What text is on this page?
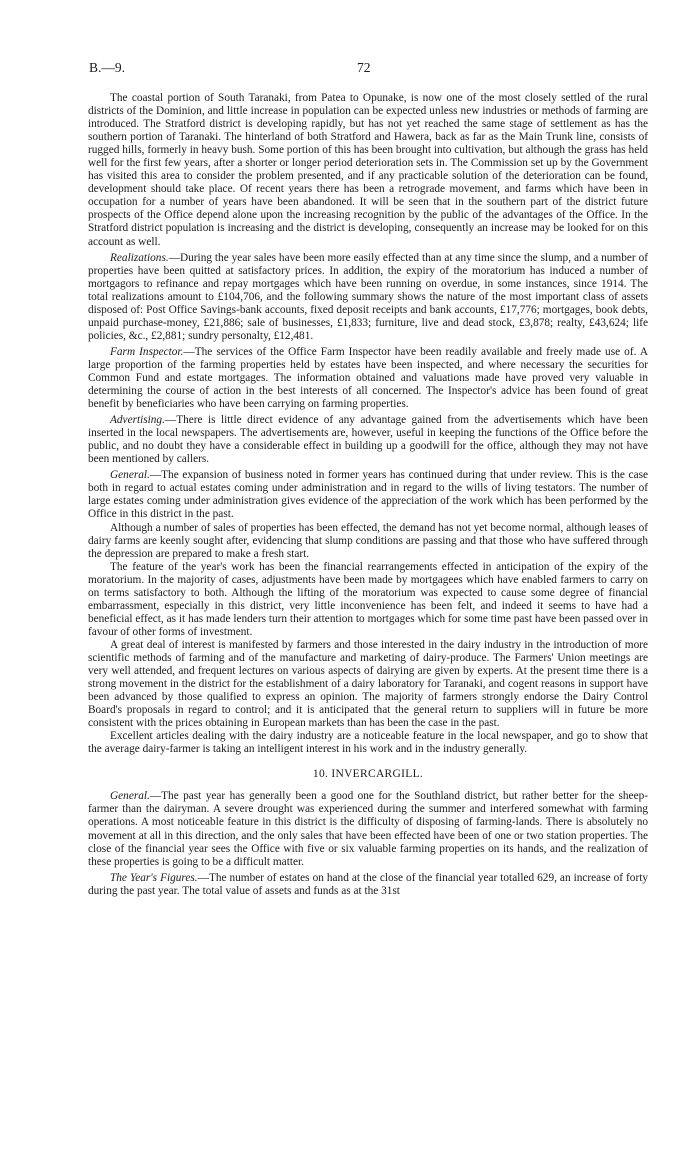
B.—9.	72

The coastal portion of South Taranaki, from Patea to Opunake, is now one of the most closely settled of the rural districts of the Dominion, and little increase in population can be expected unless new industries or methods of farming are introduced. The Stratford district is developing rapidly, but has not yet reached the same stage of settlement as has the southern portion of Taranaki. The hinterland of both Stratford and Hawera, back as far as the Main Trunk line, consists of rugged hills, formerly in heavy bush. Some portion of this has been brought into cultivation, but although the grass has held well for the first few years, after a shorter or longer period deterioration sets in. The Commission set up by the Government has visited this area to consider the problem presented, and if any practicable solution of the deterioration can be found, development should take place. Of recent years there has been a retrograde movement, and farms which have been in occupation for a number of years have been abandoned. It will be seen that in the southern part of the district future prospects of the Office depend alone upon the increasing recognition by the public of the advantages of the Office. In the Stratford district population is increasing and the district is developing, consequently an increase may be looked for on this account as well.

Realizations.—During the year sales have been more easily effected than at any time since the slump, and a number of properties have been quitted at satisfactory prices. In addition, the expiry of the moratorium has induced a number of mortgagors to refinance and repay mortgages which have been running on overdue, in some instances, since 1914. The total realizations amount to £104,706, and the following summary shows the nature of the most important class of assets disposed of: Post Office Savings-bank accounts, fixed deposit receipts and bank accounts, £17,776; mortgages, book debts, unpaid purchase-money, £21,886; sale of businesses, £1,833; furniture, live and dead stock, £3,878; realty, £43,624; life policies, &c., £2,881; sundry personalty, £12,481.

Farm Inspector.—The services of the Office Farm Inspector have been readily available and freely made use of. A large proportion of the farming properties held by estates have been inspected, and where necessary the securities for Common Fund and estate mortgages. The information obtained and valuations made have proved very valuable in determining the course of action in the best interests of all concerned. The Inspector's advice has been found of great benefit by beneficiaries who have been carrying on farming properties.

Advertising.—There is little direct evidence of any advantage gained from the advertisements which have been inserted in the local newspapers. The advertisements are, however, useful in keeping the functions of the Office before the public, and no doubt they have a considerable effect in building up a goodwill for the office, although they may not have been mentioned by callers.

General.—The expansion of business noted in former years has continued during that under review. This is the case both in regard to actual estates coming under administration and in regard to the wills of living testators. The number of large estates coming under administration gives evidence of the appreciation of the work which has been performed by the Office in this district in the past.

Although a number of sales of properties has been effected, the demand has not yet become normal, although leases of dairy farms are keenly sought after, evidencing that slump conditions are passing and that those who have suffered through the depression are prepared to make a fresh start.

The feature of the year's work has been the financial rearrangements effected in anticipation of the expiry of the moratorium. In the majority of cases, adjustments have been made by mortgagees which have enabled farmers to carry on on terms satisfactory to both. Although the lifting of the moratorium was expected to cause some degree of financial embarrassment, especially in this district, very little inconvenience has been felt, and indeed it seems to have had a beneficial effect, as it has made lenders turn their attention to mortgages which for some time past have been passed over in favour of other forms of investment.

A great deal of interest is manifested by farmers and those interested in the dairy industry in the introduction of more scientific methods of farming and of the manufacture and marketing of dairy-produce. The Farmers' Union meetings are very well attended, and frequent lectures on various aspects of dairying are given by experts. At the present time there is a strong movement in the district for the establishment of a dairy laboratory for Taranaki, and cogent reasons in support have been advanced by those qualified to express an opinion. The majority of farmers strongly endorse the Dairy Control Board's proposals in regard to control; and it is anticipated that the general return to suppliers will in future be more consistent with the prices obtaining in European markets than has been the case in the past.

Excellent articles dealing with the dairy industry are a noticeable feature in the local newspaper, and go to show that the average dairy-farmer is taking an intelligent interest in his work and in the industry generally.

10. INVERCARGILL.

General.—The past year has generally been a good one for the Southland district, but rather better for the sheep-farmer than the dairyman. A severe drought was experienced during the summer and interfered somewhat with farming operations. A most noticeable feature in this district is the difficulty of disposing of farming-lands. There is absolutely no movement at all in this direction, and the only sales that have been effected have been of one or two station properties. The close of the financial year sees the Office with five or six valuable farming properties on its hands, and the realization of these properties is going to be a difficult matter.

The Year's Figures.—The number of estates on hand at the close of the financial year totalled 629, an increase of forty during the past year. The total value of assets and funds as at the 31st
